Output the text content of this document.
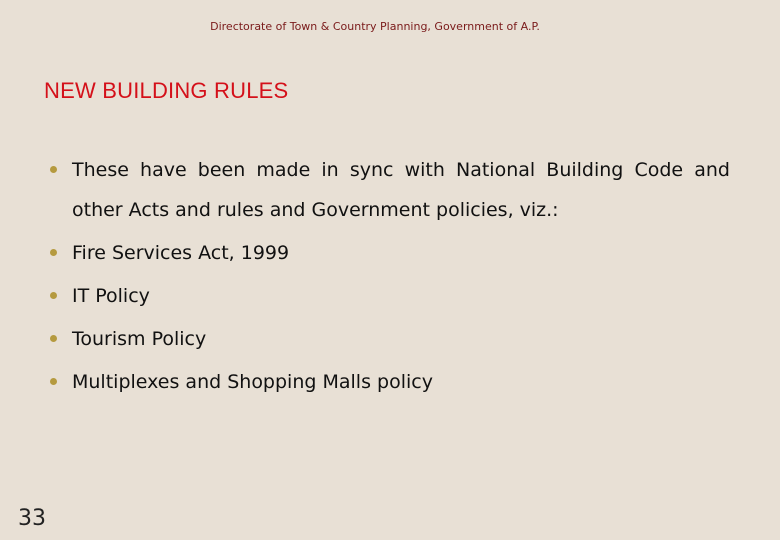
Directorate of Town & Country Planning, Government of A.P.
NEW BUILDING RULES
These have been made in sync with National Building Code and other Acts and rules and Government policies, viz.:
Fire Services Act, 1999
IT Policy
Tourism Policy
Multiplexes and Shopping Malls policy
33
